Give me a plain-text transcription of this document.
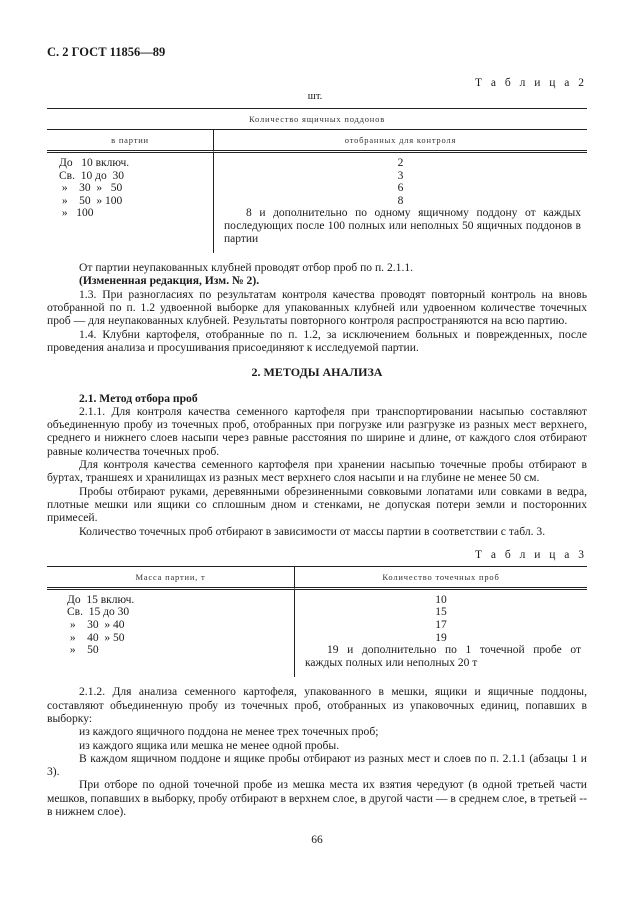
С. 2 ГОСТ 11856—89
Т а б л и ц а 2
шт.
Количество ящичных поддонов
в партии	отобранных для контроля
До   10 включ.	2
Св.  10 до  30	3
»    30  »   50	6
»    50  » 100	8
»   100	8 и дополнительно по одному ящичному поддону от каждых последующих после 100 полных или неполных 50 ящичных поддонов в партии

От партии неупакованных клубней проводят отбор проб по п. 2.1.1.

(Измененная редакция, Изм. № 2).

1.3. При разногласиях по результатам контроля качества проводят повторный контроль на вновь отобранной по п. 1.2 удвоенной выборке для упакованных клубней или удвоенном количестве точечных проб — для неупакованных клубней. Результаты повторного контроля распространяются на всю партию.

1.4. Клубни картофеля, отобранные по п. 1.2, за исключением больных и поврежденных, после проведения анализа и просушивания присоединяют к исследуемой партии.

2. МЕТОДЫ АНАЛИЗА

2.1. Метод отбора проб

2.1.1. Для контроля качества семенного картофеля при транспортировании насыпью составляют объединенную пробу из точечных проб, отобранных при погрузке или разгрузке из разных мест верхнего, среднего и нижнего слоев насыпи через равные расстояния по ширине и длине, от каждого слоя отбирают равные количества точечных проб.

Для контроля качества семенного картофеля при хранении насыпью точечные пробы отбирают в буртах, траншеях и хранилищах из разных мест верхнего слоя насыпи и на глубине не менее 50 см.

Пробы отбирают руками, деревянными обрезиненными совковыми лопатами или совками в ведра, плотные мешки или ящики со сплошным дном и стенками, не допуская потери земли и посторонних примесей.

Количество точечных проб отбирают в зависимости от массы партии в соответствии с табл. 3.

Т а б л и ц а 3
Масса партии, т	Количество точечных проб
До  15 включ.	10
Св.  15 до 30	15
»    30  » 40	17
»    40  » 50	19
»    50	19 и дополнительно по 1 точечной пробе от каждых полных или неполных 20 т

2.1.2. Для анализа семенного картофеля, упакованного в мешки, ящики и ящичные поддоны, составляют объединенную пробу из точечных проб, отобранных из упаковочных единиц, попавших в выборку:

из каждого ящичного поддона не менее трех точечных проб;

из каждого ящика или мешка не менее одной пробы.

В каждом ящичном поддоне и ящике пробы отбирают из разных мест и слоев по п. 2.1.1 (абзацы 1 и 3).

При отборе по одной точечной пробе из мешка места их взятия чередуют (в одной третьей части мешков, попавших в выборку, пробу отбирают в верхнем слое, в другой части — в среднем слое, в третьей -- в нижнем слое).

66
